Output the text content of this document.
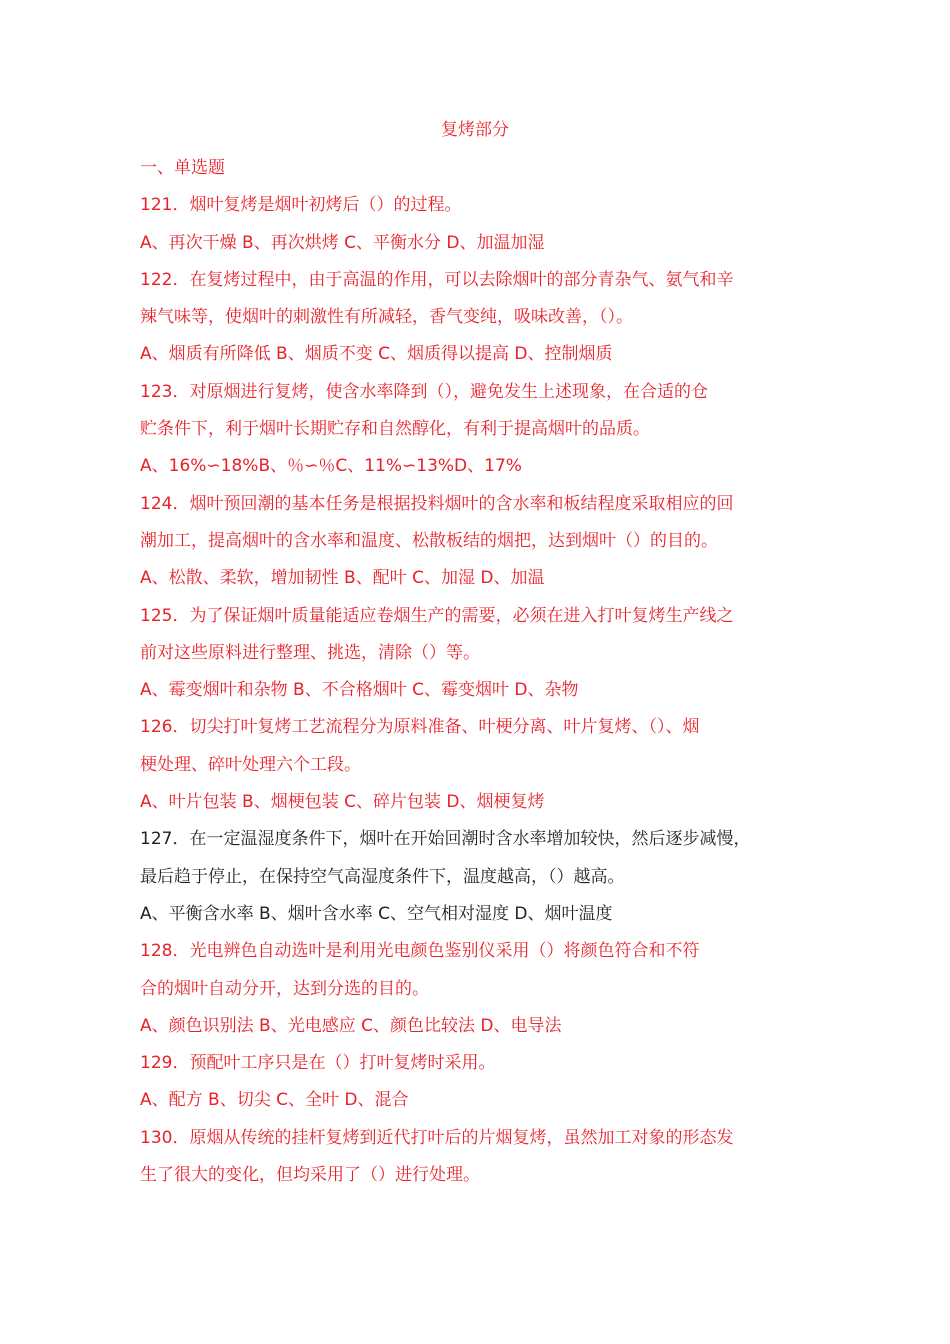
复烤部分
一、单选题
121．烟叶复烤是烟叶初烤后（）的过程。
A、再次干燥 B、再次烘烤 C、平衡水分 D、加温加湿
122．在复烤过程中，由于高温的作用，可以去除烟叶的部分青杂气、氨气和辛
辣气味等，使烟叶的刺激性有所减轻，香气变纯，吸味改善，（）。
A、烟质有所降低 B、烟质不变 C、烟质得以提高 D、控制烟质
123．对原烟进行复烤，使含水率降到（），避免发生上述现象，在合适的仓
贮条件下，利于烟叶长期贮存和自然醇化，有利于提高烟叶的品质。
A、16%∽18%B、％∽％C、11%∽13%D、17%
124．烟叶预回潮的基本任务是根据投料烟叶的含水率和板结程度采取相应的回
潮加工，提高烟叶的含水率和温度、松散板结的烟把，达到烟叶（）的目的。
A、松散、柔软，增加韧性 B、配叶 C、加湿 D、加温
125．为了保证烟叶质量能适应卷烟生产的需要，必须在进入打叶复烤生产线之
前对这些原料进行整理、挑选，清除（）等。
A、霉变烟叶和杂物 B、不合格烟叶 C、霉变烟叶 D、杂物
126．切尖打叶复烤工艺流程分为原料准备、叶梗分离、叶片复烤、（）、烟
梗处理、碎叶处理六个工段。
A、叶片包装 B、烟梗包装 C、碎片包装 D、烟梗复烤
127．在一定温湿度条件下，烟叶在开始回潮时含水率增加较快，然后逐步减慢，
最后趋于停止，在保持空气高湿度条件下，温度越高，（）越高。
A、平衡含水率 B、烟叶含水率 C、空气相对湿度 D、烟叶温度
128．光电辨色自动选叶是利用光电颜色鉴别仪采用（）将颜色符合和不符
合的烟叶自动分开，达到分选的目的。
A、颜色识别法 B、光电感应 C、颜色比较法 D、电导法
129．预配叶工序只是在（）打叶复烤时采用。
A、配方 B、切尖 C、全叶 D、混合
130．原烟从传统的挂杆复烤到近代打叶后的片烟复烤，虽然加工对象的形态发
生了很大的变化，但均采用了（）进行处理。
